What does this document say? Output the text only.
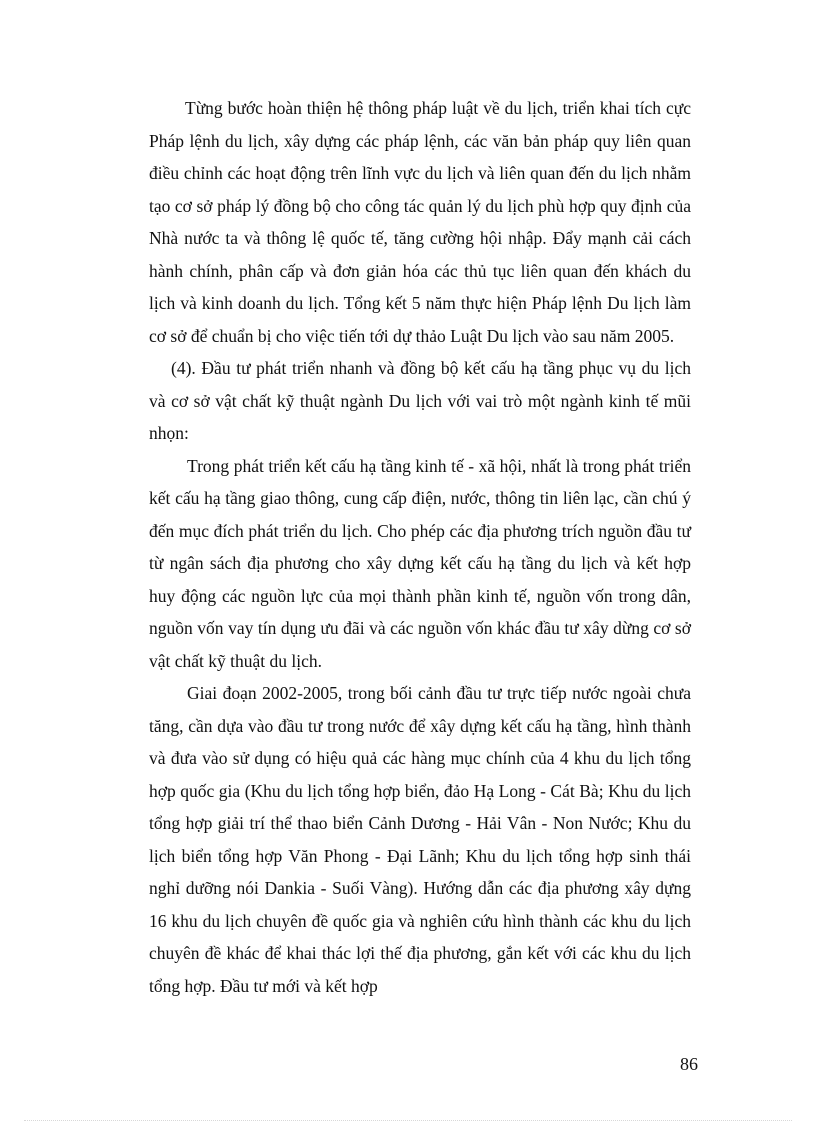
Từng bước hoàn thiện hệ thông pháp luật về du lịch, triển khai tích cực Pháp lệnh du lịch, xây dựng các pháp lệnh, các văn bản pháp quy liên quan điều chỉnh các hoạt động trên lĩnh vực du lịch và liên quan đến du lịch nhằm tạo cơ sở pháp lý đồng bộ cho công tác quản lý du lịch phù hợp quy định của Nhà nước ta và thông lệ quốc tế, tăng cường hội nhập. Đẩy mạnh cải cách hành chính, phân cấp và đơn giản hóa các thủ tục liên quan đến khách du lịch và kinh doanh du lịch. Tổng kết 5 năm thực hiện Pháp lệnh Du lịch làm cơ sở để chuẩn bị cho việc tiến tới dự thảo Luật Du lịch vào sau năm 2005.

(4). Đầu tư phát triển nhanh và đồng bộ kết cấu hạ tầng phục vụ du lịch và cơ sở vật chất kỹ thuật ngành Du lịch với vai trò một ngành kinh tế mũi nhọn:

Trong phát triển kết cấu hạ tầng kinh tế - xã hội, nhất là trong phát triển kết cấu hạ tầng giao thông, cung cấp điện, nước, thông tin liên lạc, cần chú ý đến mục đích phát triển du lịch. Cho phép các địa phương trích nguồn đầu tư từ ngân sách địa phương cho xây dựng kết cấu hạ tầng du lịch và kết hợp huy động các nguồn lực của mọi thành phần kinh tế, nguồn vốn trong dân, nguồn vốn vay tín dụng ưu đãi và các nguồn vốn khác đầu tư xây dừng cơ sở vật chất kỹ thuật du lịch.

Giai đoạn 2002-2005, trong bối cảnh đầu tư trực tiếp nước ngoài chưa tăng, cần dựa vào đầu tư trong nước để xây dựng kết cấu hạ tầng, hình thành và đưa vào sử dụng có hiệu quả các hàng mục chính của 4 khu du lịch tổng hợp quốc gia (Khu du lịch tổng hợp biển, đảo Hạ Long - Cát Bà; Khu du lịch tổng hợp giải trí thể thao biển Cảnh Dương - Hải Vân - Non Nước; Khu du lịch biển tổng hợp Văn Phong - Đại Lãnh; Khu du lịch tổng hợp sinh thái nghỉ dưỡng nói Dankia - Suối Vàng). Hướng dẫn các địa phương xây dựng 16 khu du lịch chuyên đề quốc gia và nghiên cứu hình thành các khu du lịch chuyên đề khác để khai thác lợi thế địa phương, gắn kết với các khu du lịch tổng hợp. Đầu tư mới và kết hợp

86
